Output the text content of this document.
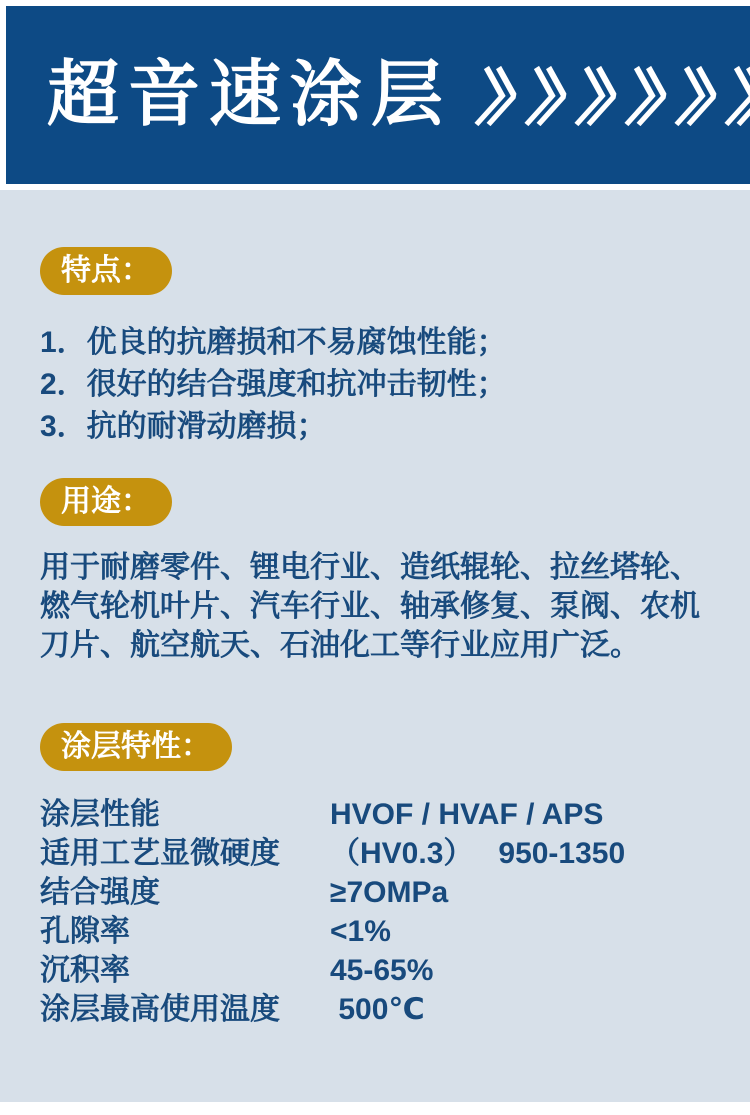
超音速涂层
特点：
1．优良的抗磨损和不易腐蚀性能；
2．很好的结合强度和抗冲击韧性；
3．抗的耐滑动磨损；
用途：

用于耐磨零件、锂电行业、造纸辊轮、拉丝塔轮、燃气轮机叶片、汽车行业、轴承修复、泵阀、农机刀片、航空航天、石油化工等行业应用广泛。

涂层特性：
涂层性能	HVOF / HVAF / APS
适用工艺显微硬度	（HV0.3）   950-1350
结合强度	≥7OMPa
孔隙率	<1%
沉积率	45-65%
涂层最高使用温度	500℃
